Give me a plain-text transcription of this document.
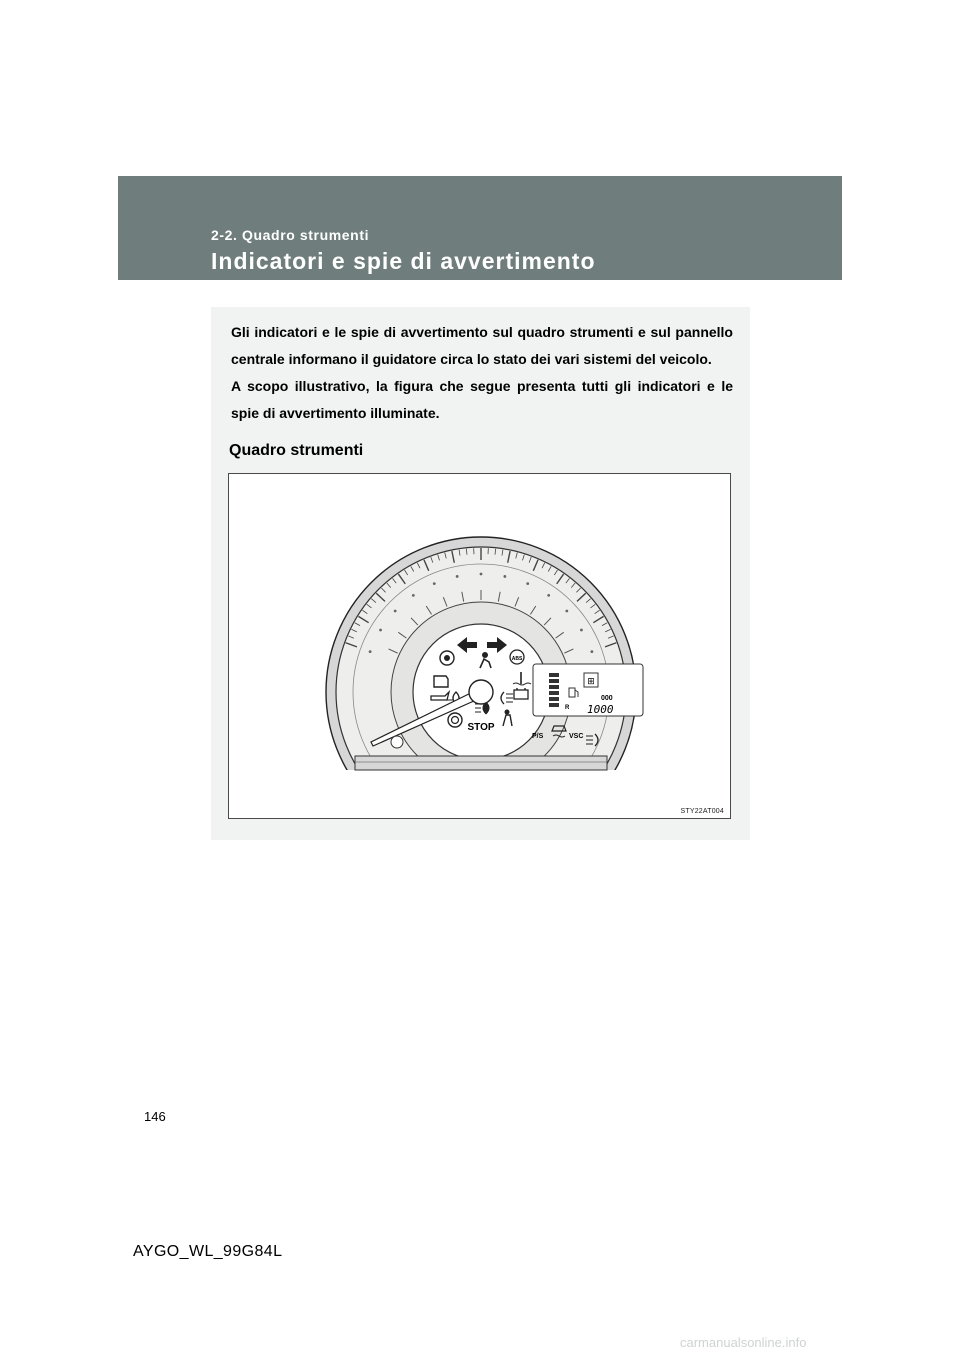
2-2. Quadro strumenti
Indicatori e spie di avvertimento

Gli indicatori e le spie di avvertimento sul quadro strumenti e sul pannello centrale informano il guidatore circa lo stato dei vari sistemi del veicolo.

A scopo illustrativo, la figura che segue presenta tutti gli indicatori e le spie di avvertimento illuminate.

Quadro strumenti
R
⊞
000
1000
ABS
STOP
P/S	VSC
STY22AT004
146
AYGO_WL_99G84L
carmanualsonline.info
